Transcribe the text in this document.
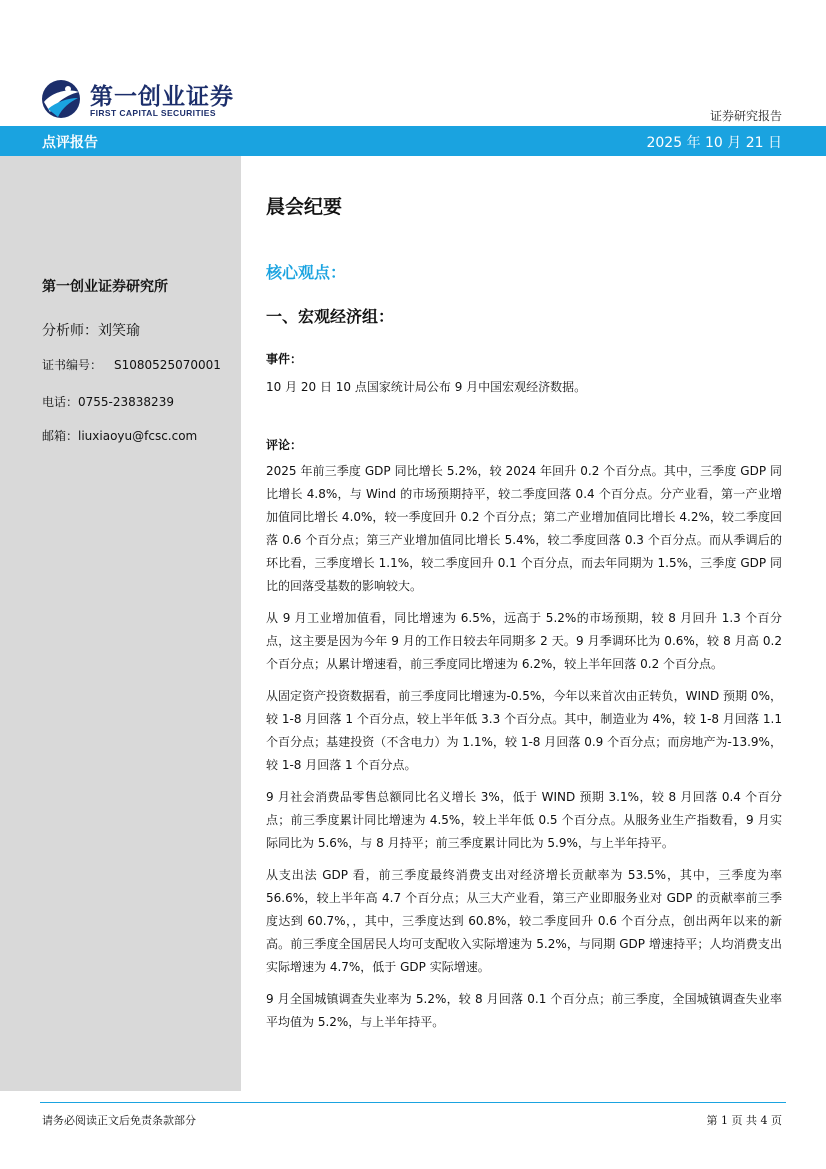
第一创业证券
FIRST CAPITAL SECURITIES	证券研究报告
点评报告	2025 年 10 月 21 日
第一创业证券研究所
分析师：刘笑瑜
证书编号： S1080525070001
电话：0755-23838239
邮箱：liuxiaoyu@fcsc.com
晨会纪要
核心观点：
一、宏观经济组：
事件：
10 月 20 日 10 点国家统计局公布 9 月中国宏观经济数据。
评论：

2025 年前三季度 GDP 同比增长 5.2%，较 2024 年回升 0.2 个百分点。其中，三季度 GDP 同比增长 4.8%，与 Wind 的市场预期持平，较二季度回落 0.4 个百分点。分产业看，第一产业增加值同比增长 4.0%，较一季度回升 0.2 个百分点；第二产业增加值同比增长 4.2%，较二季度回落 0.6 个百分点；第三产业增加值同比增长 5.4%，较二季度回落 0.3 个百分点。而从季调后的环比看，三季度增长 1.1%，较二季度回升 0.1 个百分点，而去年同期为 1.5%，三季度 GDP 同比的回落受基数的影响较大。

从 9 月工业增加值看，同比增速为 6.5%，远高于 5.2%的市场预期，较 8 月回升 1.3 个百分点，这主要是因为今年 9 月的工作日较去年同期多 2 天。9 月季调环比为 0.6%，较 8 月高 0.2 个百分点；从累计增速看，前三季度同比增速为 6.2%，较上半年回落 0.2 个百分点。

从固定资产投资数据看，前三季度同比增速为-0.5%，今年以来首次由正转负，WIND 预期 0%，较 1-8 月回落 1 个百分点，较上半年低 3.3 个百分点。其中，制造业为 4%，较 1-8 月回落 1.1 个百分点；基建投资（不含电力）为 1.1%，较 1-8 月回落 0.9 个百分点；而房地产为-13.9%，较 1-8 月回落 1 个百分点。

9 月社会消费品零售总额同比名义增长 3%，低于 WIND 预期 3.1%，较 8 月回落 0.4 个百分点；前三季度累计同比增速为 4.5%，较上半年低 0.5 个百分点。从服务业生产指数看，9 月实际同比为 5.6%，与 8 月持平；前三季度累计同比为 5.9%，与上半年持平。

从支出法 GDP 看，前三季度最终消费支出对经济增长贡献率为 53.5%，其中，三季度为率 56.6%，较上半年高 4.7 个百分点；从三大产业看，第三产业即服务业对 GDP 的贡献率前三季度达到 60.7%，，其中，三季度达到 60.8%，较二季度回升 0.6 个百分点，创出两年以来的新高。前三季度全国居民人均可支配收入实际增速为 5.2%，与同期 GDP 增速持平；人均消费支出实际增速为 4.7%，低于 GDP 实际增速。

9 月全国城镇调查失业率为 5.2%，较 8 月回落 0.1 个百分点；前三季度，全国城镇调查失业率平均值为 5.2%，与上半年持平。

请务必阅读正文后免责条款部分	第 1 页 共 4 页
